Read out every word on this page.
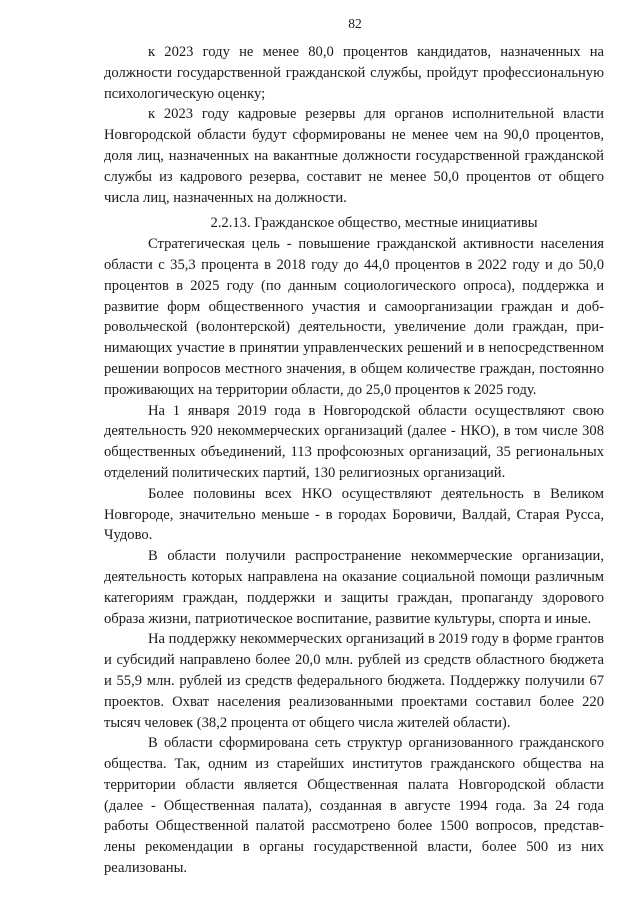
82

к 2023 году не менее 80,0 процентов кандидатов, назначенных на должности государственной гражданской службы, пройдут профессиональную психологическую оценку;

к 2023 году кадровые резервы для органов исполнительной власти Новгородской области будут сформированы не менее чем на 90,0 процентов, доля лиц, назначенных на вакантные должности государственной гражданской службы из кадрового резерва, составит не менее 50,0 процентов от общего числа лиц, назначенных на должности.

2.2.13. Гражданское общество, местные инициативы

Стратегическая цель - повышение гражданской активности населения области с 35,3 процента в 2018 году до 44,0 процентов в 2022 году и до 50,0 процентов в 2025 году (по данным социологического опроса), поддержка и развитие форм общественного участия и самоорганизации граждан и добровольческой (волонтерской) деятельности, увеличение доли граждан, принимающих участие в принятии управленческих решений и в непосредственном решении вопросов местного значения, в общем количестве граждан, постоянно проживающих на территории области, до 25,0 процентов к 2025 году.

На 1 января 2019 года в Новгородской области осуществляют свою деятельность 920 некоммерческих организаций (далее - НКО), в том числе 308 общественных объединений, 113 профсоюзных организаций, 35 региональных отделений политических партий, 130 религиозных организаций.

Более половины всех НКО осуществляют деятельность в Великом Новгороде, значительно меньше - в городах Боровичи, Валдай, Старая Русса, Чудово.

В области получили распространение некоммерческие организации, деятельность которых направлена на оказание социальной помощи различным категориям граждан, поддержки и защиты граждан, пропаганду здорового образа жизни, патриотическое воспитание, развитие культуры, спорта и иные.

На поддержку некоммерческих организаций в 2019 году в форме грантов и субсидий направлено более 20,0 млн. рублей из средств областного бюджета и 55,9 млн. рублей из средств федерального бюджета. Поддержку получили 67 проектов. Охват населения реализованными проектами составил более 220 тысяч человек (38,2 процента от общего числа жителей области).

В области сформирована сеть структур организованного гражданского общества. Так, одним из старейших институтов гражданского общества на территории области является Общественная палата Новгородской области (далее - Общественная палата), созданная в августе 1994 года. За 24 года работы Общественной палатой рассмотрено более 1500 вопросов, представлены рекомендации в органы государственной власти, более 500 из них реализованы.
